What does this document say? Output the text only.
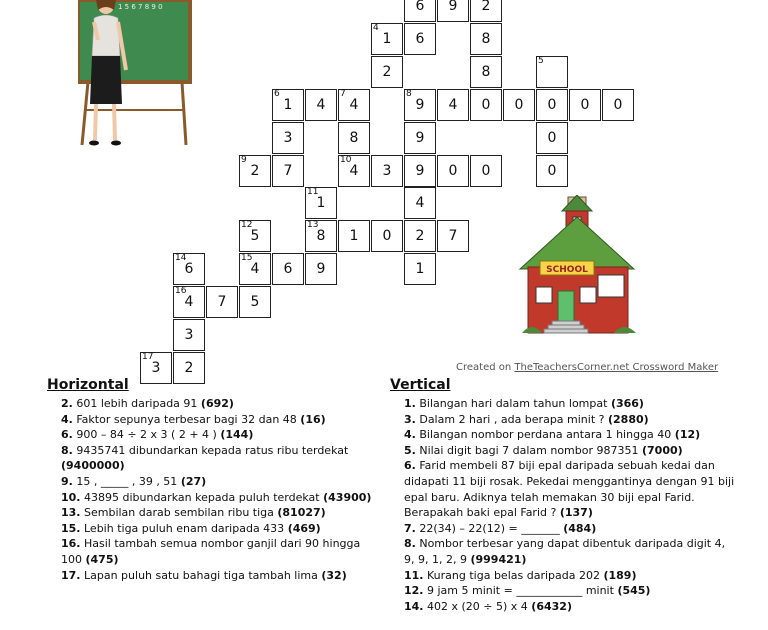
6	9	2
4
1	6	8
2	8
5
6
1	4
7
4
8
9	4	0	0	0	0	0
3	8	9	0
9
2	7
10
4	3	9	0	0	0
11
1	4
12
5
13
8	1	0	2	7
14
6
15
4	6	9	1
16
4	7	5
3
17
3	2
1 5 6 7 8 9 0
SCHOOL
Created on TheTeachersCorner.net Crossword Maker
Horizontal

2. 601 lebih daripada 91 (692)

4. Faktor sepunya terbesar bagi 32 dan 48 (16)

6. 900 – 84 ÷ 2 x 3 ( 2 + 4 ) (144)

8. 9435741 dibundarkan kepada ratus ribu terdekat (9400000)

9. 15 , _____ , 39 , 51 (27)

10. 43895 dibundarkan kepada puluh terdekat (43900)

13. Sembilan darab sembilan ribu tiga (81027)

15. Lebih tiga puluh enam daripada 433 (469)

16. Hasil tambah semua nombor ganjil dari 90 hingga 100 (475)

17. Lapan puluh satu bahagi tiga tambah lima (32)

Vertical

1. Bilangan hari dalam tahun lompat (366)

3. Dalam 2 hari , ada berapa minit ? (2880)

4. Bilangan nombor perdana antara 1 hingga 40 (12)

5. Nilai digit bagi 7 dalam nombor 987351 (7000)

6. Farid membeli 87 biji epal daripada sebuah kedai dan didapati 11 biji rosak. Pekedai menggantinya dengan 91 biji epal baru. Adiknya telah memakan 30 biji epal Farid. Berapakah baki epal Farid ? (137)

7. 22(34) – 22(12) = _______ (484)

8. Nombor terbesar yang dapat dibentuk daripada digit 4, 9, 9, 1, 2, 9 (999421)

11. Kurang tiga belas daripada 202 (189)

12. 9 jam 5 minit = ____________ minit (545)

14. 402 x (20 ÷ 5) x 4 (6432)
